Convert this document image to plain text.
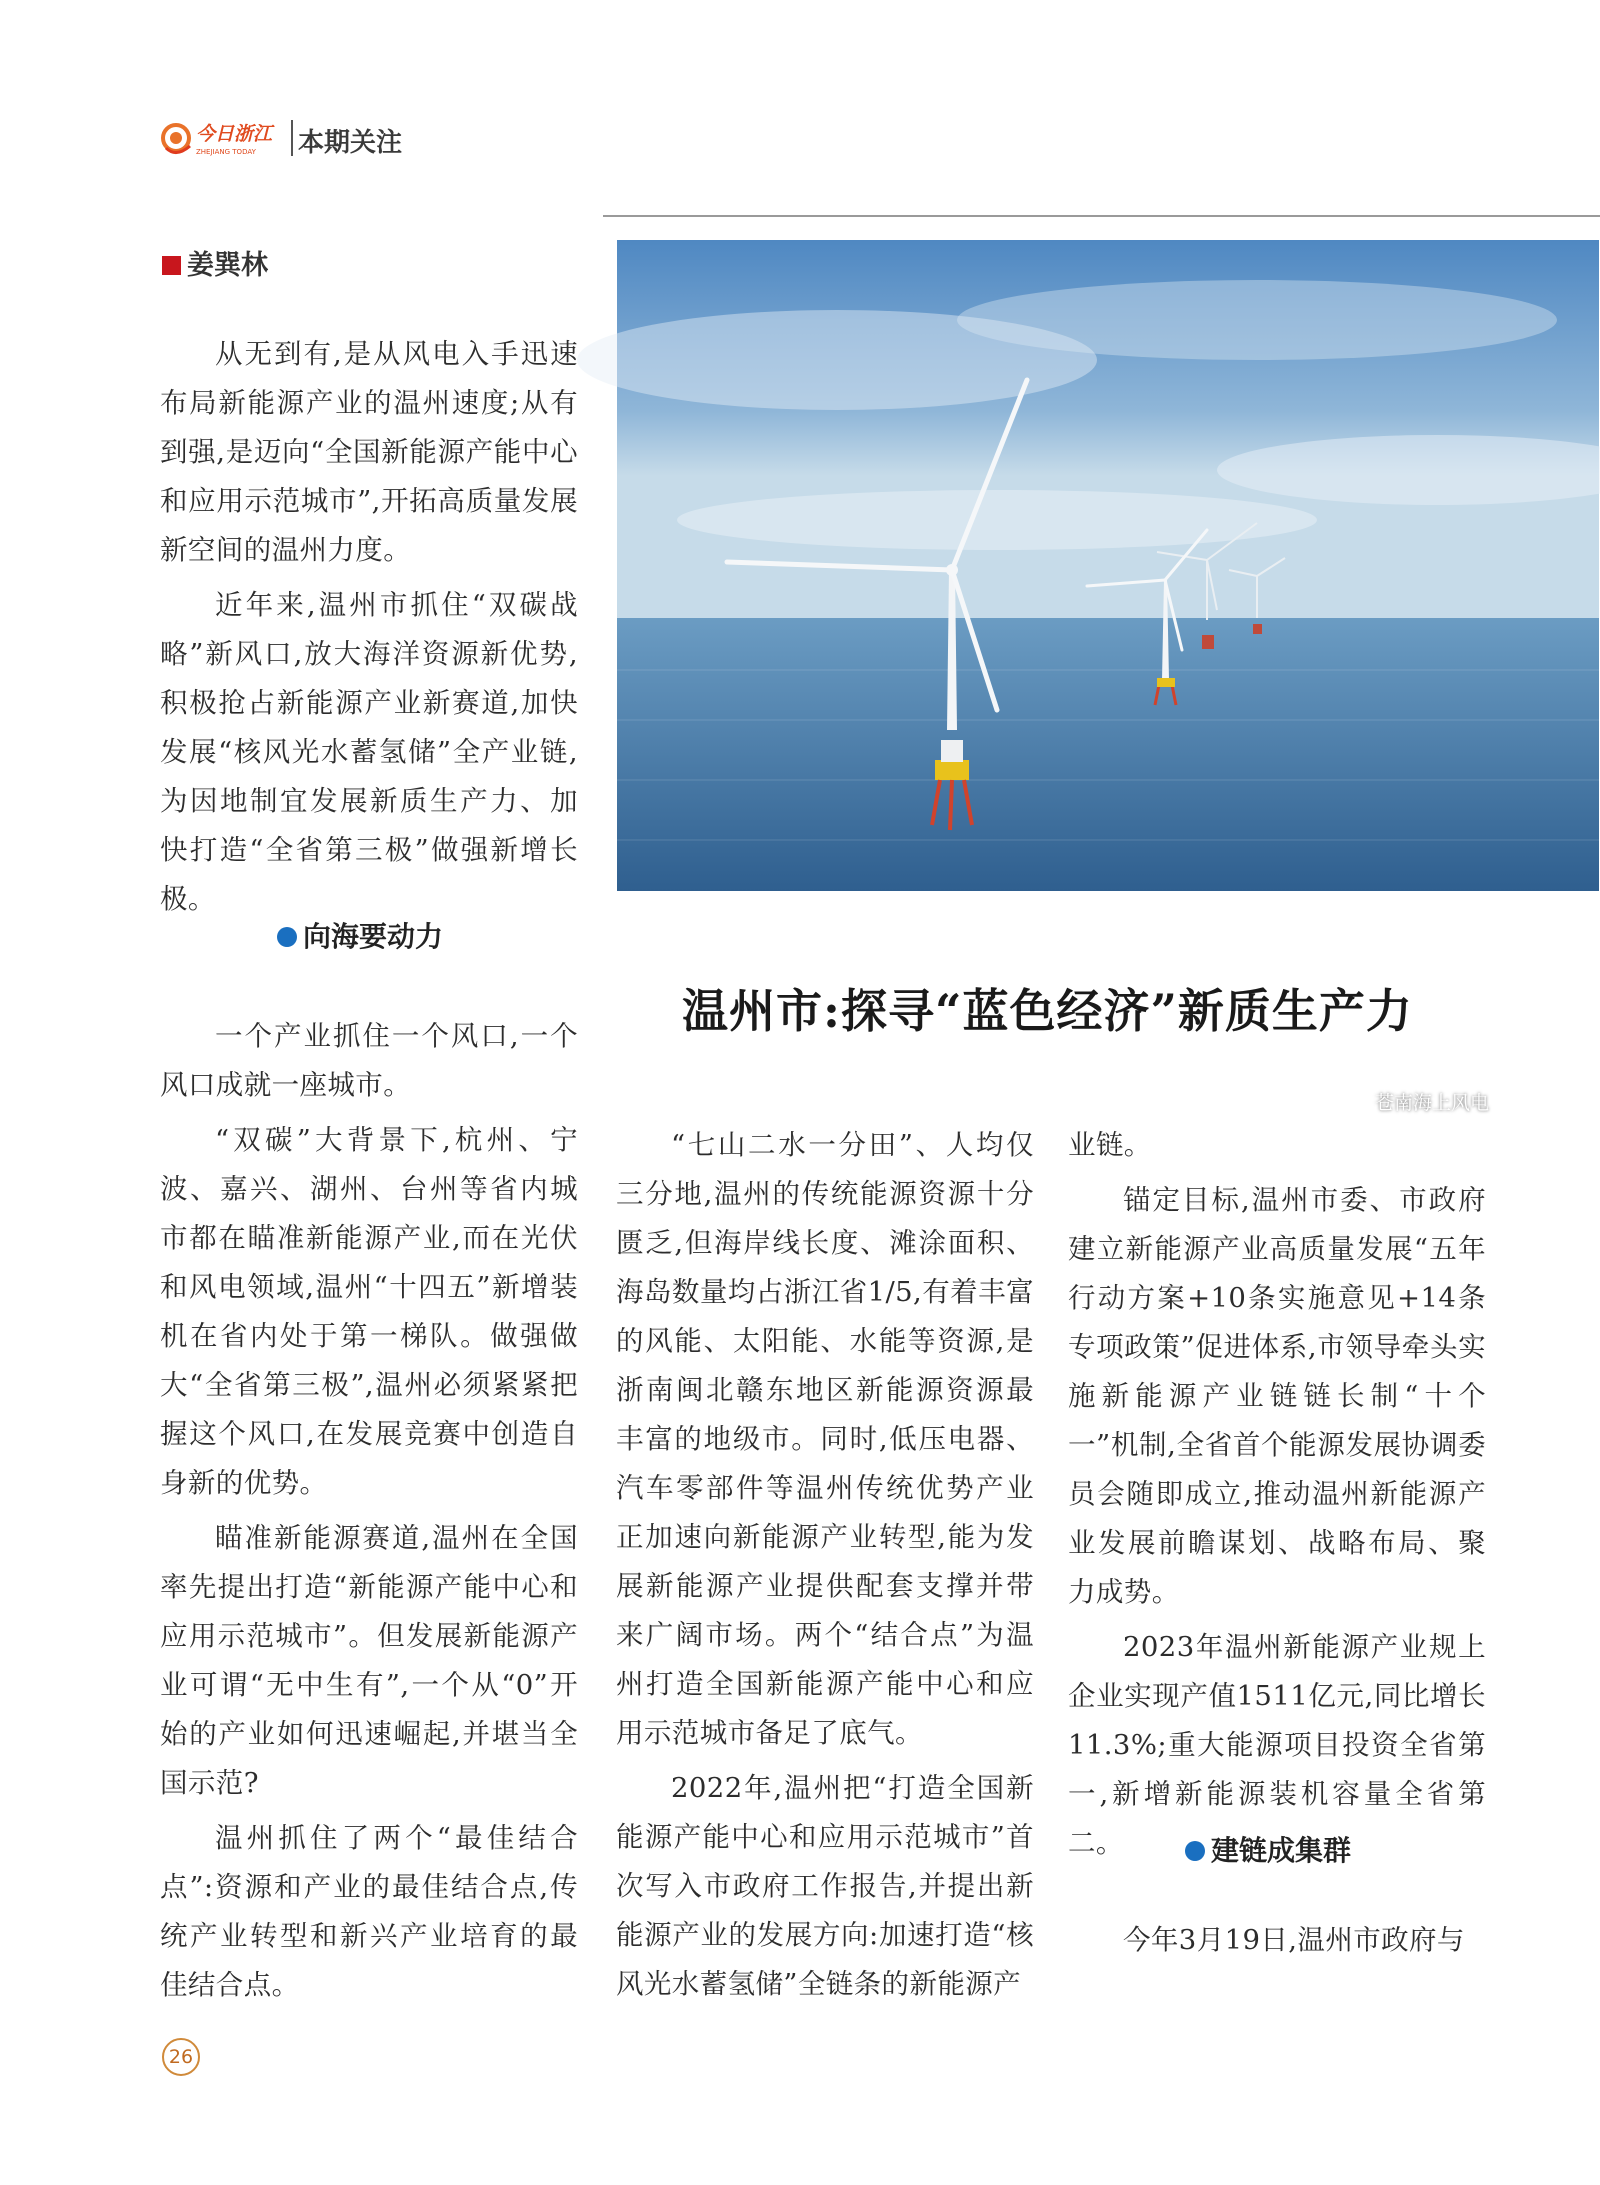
今日浙江
ZHEJIANG TODAY 本期关注
姜巽林

从无到有,是从风电入手迅速布局新能源产业的温州速度;从有到强,是迈向“全国新能源产能中心和应用示范城市”,开拓高质量发展新空间的温州力度。

近年来,温州市抓住“双碳战略”新风口,放大海洋资源新优势,积极抢占新能源产业新赛道,加快发展“核风光水蓄氢储”全产业链,为因地制宜发展新质生产力、加快打造“全省第三极”做强新增长极。

向海要动力

一个产业抓住一个风口,一个风口成就一座城市。

“双碳”大背景下,杭州、宁波、嘉兴、湖州、台州等省内城市都在瞄准新能源产业,而在光伏和风电领域,温州“十四五”新增装机在省内处于第一梯队。做强做大“全省第三极”,温州必须紧紧把握这个风口,在发展竞赛中创造自身新的优势。

瞄准新能源赛道,温州在全国率先提出打造“新能源产能中心和应用示范城市”。但发展新能源产业可谓“无中生有”,一个从“0”开始的产业如何迅速崛起,并堪当全国示范?

温州抓住了两个“最佳结合点”:资源和产业的最佳结合点,传统产业转型和新兴产业培育的最佳结合点。

苍南海上风电
温州市:探寻“蓝色经济”新质生产力

“七山二水一分田”、人均仅三分地,温州的传统能源资源十分匮乏,但海岸线长度、滩涂面积、海岛数量均占浙江省1/5,有着丰富的风能、太阳能、水能等资源,是浙南闽北赣东地区新能源资源最丰富的地级市。同时,低压电器、汽车零部件等温州传统优势产业正加速向新能源产业转型,能为发展新能源产业提供配套支撑并带来广阔市场。两个“结合点”为温州打造全国新能源产能中心和应用示范城市备足了底气。

2022年,温州把“打造全国新能源产能中心和应用示范城市”首次写入市政府工作报告,并提出新能源产业的发展方向:加速打造“核风光水蓄氢储”全链条的新能源产

业链。

锚定目标,温州市委、市政府建立新能源产业高质量发展“五年行动方案+10条实施意见+14条专项政策”促进体系,市领导牵头实施新能源产业链链长制“十个一”机制,全省首个能源发展协调委员会随即成立,推动温州新能源产业发展前瞻谋划、战略布局、聚力成势。

2023年温州新能源产业规上企业实现产值1511亿元,同比增长11.3%;重大能源项目投资全省第一,新增新能源装机容量全省第二。	建链成集群

今年3月19日,温州市政府与

26
